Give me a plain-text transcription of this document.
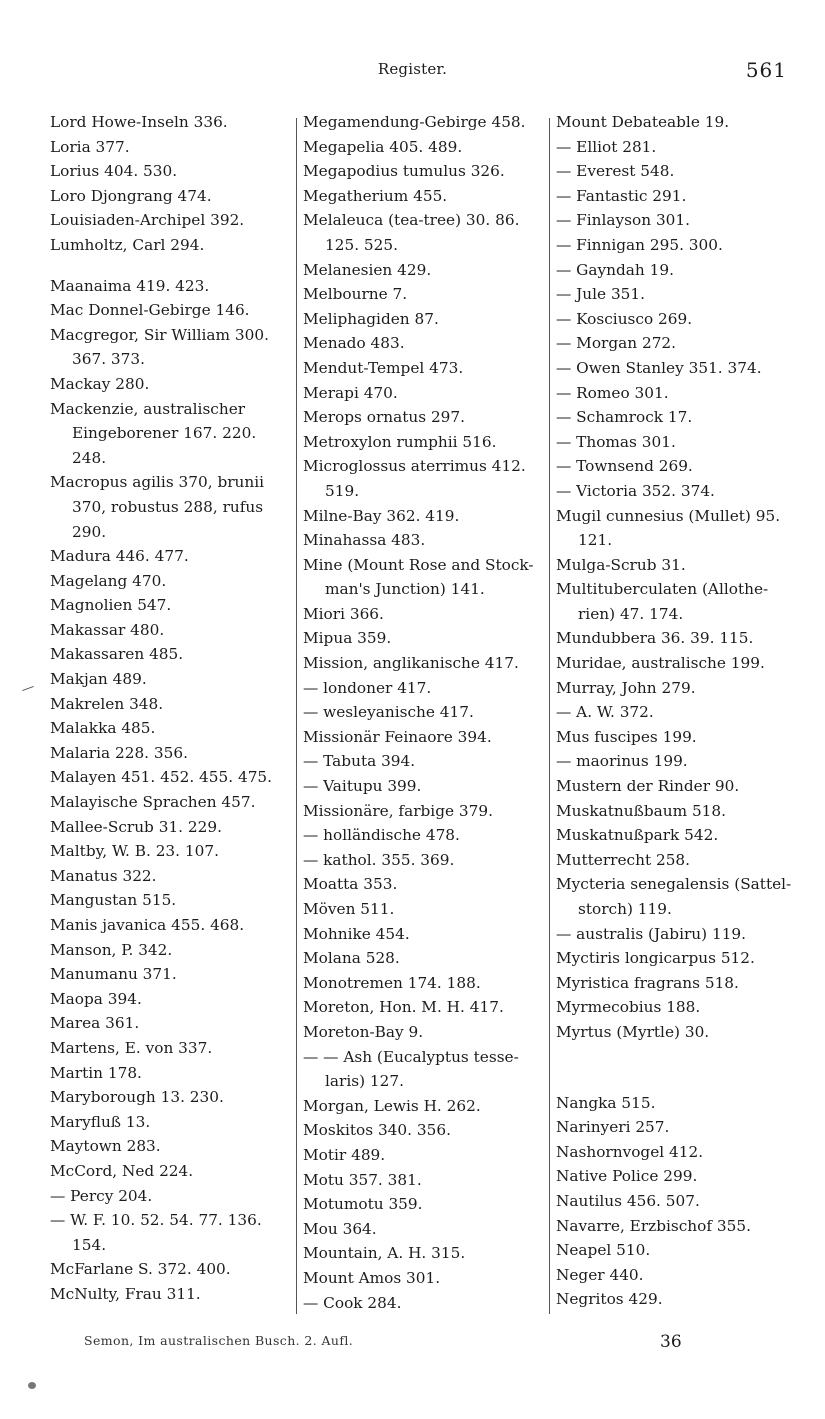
Register.	561
Lord Howe-Inseln 336.
Loria 377.
Lorius 404. 530.
Loro Djongrang 474.
Louisiaden-Archipel 392.
Lumholtz, Carl 294.
Maanaima 419. 423.
Mac Donnel-Gebirge 146.
Macgregor, Sir William 300.
367. 373.
Mackay 280.
Mackenzie, australischer
Eingeborener 167. 220.
248.
Macropus agilis 370, brunii
370, robustus 288, rufus
290.
Madura 446. 477.
Magelang 470.
Magnolien 547.
Makassar 480.
Makassaren 485.
Makjan 489.
Makrelen 348.
Malakka 485.
Malaria 228. 356.
Malayen 451. 452. 455. 475.
Malayische Sprachen 457.
Mallee-Scrub 31. 229.
Maltby, W. B. 23. 107.
Manatus 322.
Mangustan 515.
Manis javanica 455. 468.
Manson, P. 342.
Manumanu 371.
Maopa 394.
Marea 361.
Martens, E. von 337.
Martin 178.
Maryborough 13. 230.
Maryfluß 13.
Maytown 283.
McCord, Ned 224.
— Percy 204.
— W. F. 10. 52. 54. 77. 136.
154.
McFarlane S. 372. 400.
McNulty, Frau 311.
Megamendung-Gebirge 458.
Megapelia 405. 489.
Megapodius tumulus 326.
Megatherium 455.
Melaleuca (tea-tree) 30. 86.
125. 525.
Melanesien 429.
Melbourne 7.
Meliphagiden 87.
Menado 483.
Mendut-Tempel 473.
Merapi 470.
Merops ornatus 297.
Metroxylon rumphii 516.
Microglossus aterrimus 412.
519.
Milne-Bay 362. 419.
Minahassa 483.
Mine (Mount Rose and Stock-
man's Junction) 141.
Miori 366.
Mipua 359.
Mission, anglikanische 417.
— londoner 417.
— wesleyanische 417.
Missionär Feinaore 394.
— Tabuta 394.
— Vaitupu 399.
Missionäre, farbige 379.
— holländische 478.
— kathol. 355. 369.
Moatta 353.
Möven 511.
Mohnike 454.
Molana 528.
Monotremen 174. 188.
Moreton, Hon. M. H. 417.
Moreton-Bay 9.
— — Ash (Eucalyptus tesse-
laris) 127.
Morgan, Lewis H. 262.
Moskitos 340. 356.
Motir 489.
Motu 357. 381.
Motumotu 359.
Mou 364.
Mountain, A. H. 315.
Mount Amos 301.
— Cook 284.
Mount Debateable 19.
— Elliot 281.
— Everest 548.
— Fantastic 291.
— Finlayson 301.
— Finnigan 295. 300.
— Gayndah 19.
— Jule 351.
— Kosciusco 269.
— Morgan 272.
— Owen Stanley 351. 374.
— Romeo 301.
— Schamrock 17.
— Thomas 301.
— Townsend 269.
— Victoria 352. 374.
Mugil cunnesius (Mullet) 95.
121.
Mulga-Scrub 31.
Multituberculaten (Allothe-
rien) 47. 174.
Mundubbera 36. 39. 115.
Muridae, australische 199.
Murray, John 279.
— A. W. 372.
Mus fuscipes 199.
— maorinus 199.
Mustern der Rinder 90.
Muskatnußbaum 518.
Muskatnußpark 542.
Mutterrecht 258.
Mycteria senegalensis (Sattel-
storch) 119.
— australis (Jabiru) 119.
Myctiris longicarpus 512.
Myristica fragrans 518.
Myrmecobius 188.
Myrtus (Myrtle) 30.
Nangka 515.
Narinyeri 257.
Nashornvogel 412.
Native Police 299.
Nautilus 456. 507.
Navarre, Erzbischof 355.
Neapel 510.
Neger 440.
Negritos 429.
Semon, Im australischen Busch. 2. Aufl.	36
